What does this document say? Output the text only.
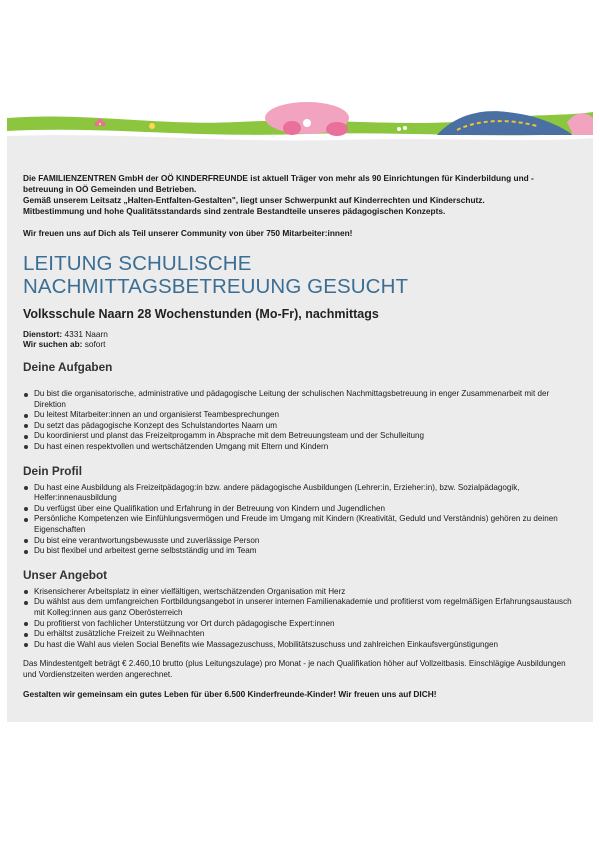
Die FAMILIENZENTREN GmbH der OÖ KINDERFREUNDE ist aktuell Träger von mehr als 90 Einrichtungen für Kinderbildung und -

betreuung in OÖ Gemeinden und Betrieben.

Gemäß unserem Leitsatz „Halten-Entfalten-Gestalten", liegt unser Schwerpunkt auf Kinderrechten und Kinderschutz.

Mitbestimmung und hohe Qualitätsstandards sind zentrale Bestandteile unseres pädagogischen Konzepts.

Wir freuen uns auf Dich als Teil unserer Community von über 750 Mitarbeiter:innen!

LEITUNG SCHULISCHE
NACHMITTAGSBETREUUNG GESUCHT
Volksschule Naarn 28 Wochenstunden (Mo-Fr), nachmittags
Dienstort: 4331 Naarn
Wir suchen ab: sofort
Deine Aufgaben
Du bist die organisatorische, administrative und pädagogische Leitung der schulischen Nachmittagsbetreuung in enger Zusammenarbeit mit der Direktion
Du leitest Mitarbeiter:innen an und organisierst Teambesprechungen
Du setzt das pädagogische Konzept des Schulstandortes Naarn um
Du koordinierst und planst das Freizeitprogamm in Absprache mit dem Betreuungsteam und der Schulleitung
Du hast einen respektvollen und wertschätzenden Umgang mit Eltern und Kindern
Dein Profil
Du hast eine Ausbildung als Freizeitpädagog:in bzw. andere pädagogische Ausbildungen (Lehrer:in, Erzieher:in), bzw. Sozialpädagogik, Helfer:innenausbildung
Du verfügst über eine Qualifikation und Erfahrung in der Betreuung von Kindern und Jugendlichen
Persönliche Kompetenzen wie Einfühlungsvermögen und Freude im Umgang mit Kindern (Kreativität, Geduld und Verständnis) gehören zu deinen Eigenschaften
Du bist eine verantwortungsbewusste und zuverlässige Person
Du bist flexibel und arbeitest gerne selbstständig und im Team
Unser Angebot
Krisensicherer Arbeitsplatz in einer vielfältigen, wertschätzenden Organisation mit Herz
Du wählst aus dem umfangreichen Fortbildungsangebot in unserer internen Familienakademie und profitierst vom regelmäßigen Erfahrungsaustausch mit Kolleg:innen aus ganz Oberösterreich
Du profitierst von fachlicher Unterstützung vor Ort durch pädagogische Expert:innen
Du erhältst zusätzliche Freizeit zu Weihnachten
Du hast die Wahl aus vielen Social Benefits wie Massagezuschuss, Mobilitätszuschuss und zahlreichen Einkaufsvergünstigungen

Das Mindestentgelt beträgt € 2.460,10 brutto (plus Leitungszulage) pro Monat - je nach Qualifikation höher auf Vollzeitbasis. Einschlägige Ausbildungen und Vordienstzeiten werden angerechnet.

Gestalten wir gemeinsam ein gutes Leben für über 6.500 Kinderfreunde-Kinder! Wir freuen uns auf DICH!
